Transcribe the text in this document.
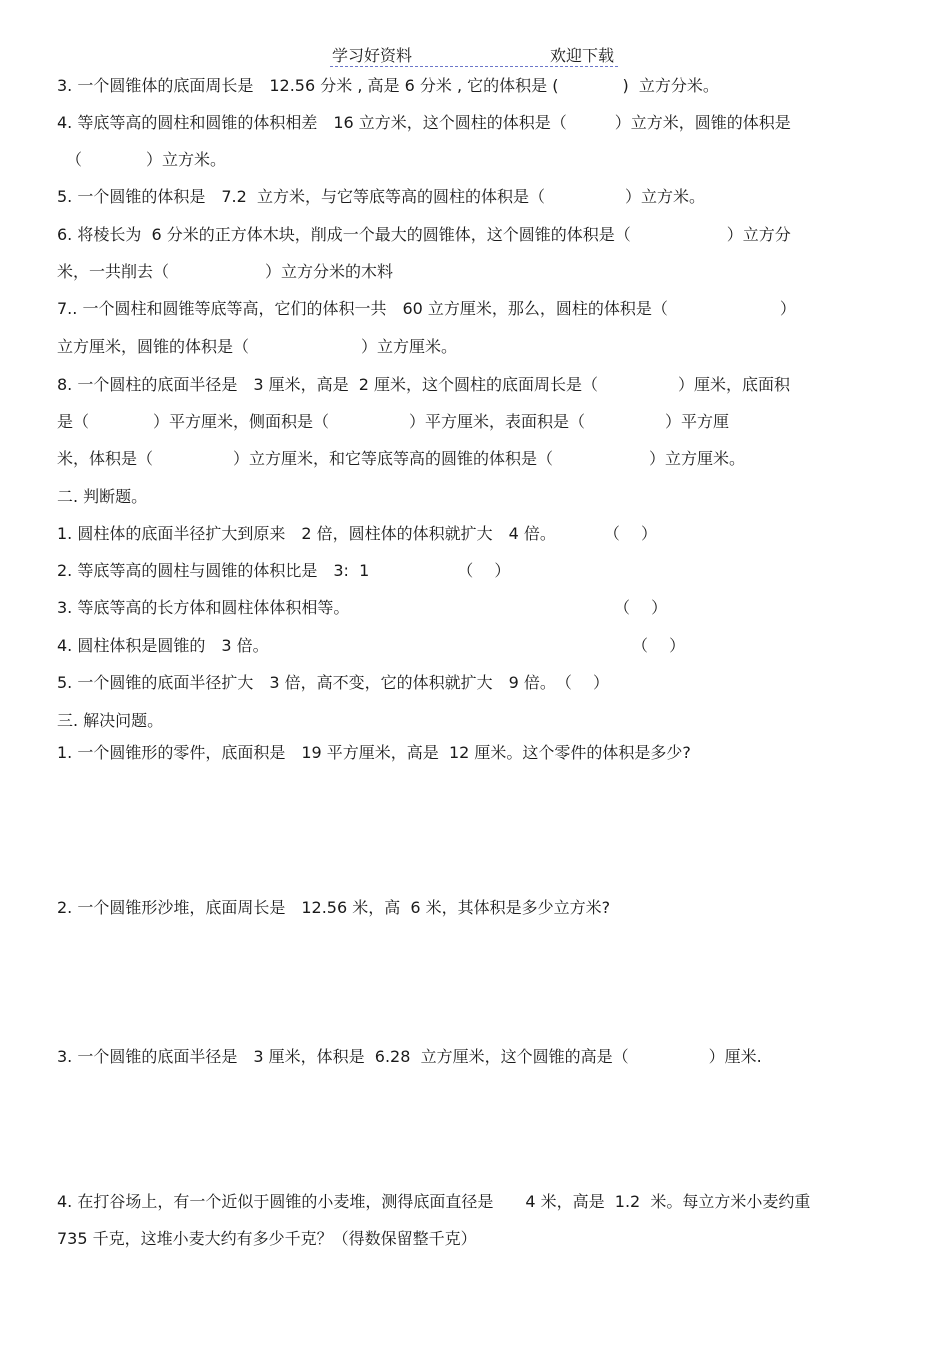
学习好资料	欢迎下载
3. 一个圆锥体的底面周长是　12.56 分米 , 高是 6 分米 , 它的体积是 (　　　　)  立方分米。
4. 等底等高的圆柱和圆锥的体积相差　16 立方米，这个圆柱的体积是（　　　）立方米，圆锥的体积是
（　　　　）立方米。
5. 一个圆锥的体积是　7.2  立方米，与它等底等高的圆柱的体积是（　　　　　）立方米。
6. 将棱长为  6 分米的正方体木块，削成一个最大的圆锥体，这个圆锥的体积是（　　　　　　）立方分
米，一共削去（　　　　　　）立方分米的木料
7.. 一个圆柱和圆锥等底等高，它们的体积一共　60 立方厘米，那么，圆柱的体积是（　　　　　　　）
立方厘米，圆锥的体积是（　　　　　　　）立方厘米。
8. 一个圆柱的底面半径是　3 厘米，高是  2 厘米，这个圆柱的底面周长是（　　　　　）厘米，底面积
是（　　　　）平方厘米，侧面积是（　　　　　）平方厘米，表面积是（　　　　　）平方厘
米，体积是（　　　　　）立方厘米，和它等底等高的圆锥的体积是（　　　　　　）立方厘米。
二. 判断题。
1. 圆柱体的底面半径扩大到原来　2 倍，圆柱体的体积就扩大　4 倍。　　　　（　 ）
2. 等底等高的圆柱与圆锥的体积比是　3:  1　　　　　　（　 ）
3. 等底等高的长方体和圆柱体体积相等。	（　 ）
4. 圆柱体积是圆锥的　3 倍。	（　 ）
5. 一个圆锥的底面半径扩大　3 倍，高不变，它的体积就扩大　9 倍。　（　 ）
三. 解决问题。
1. 一个圆锥形的零件，底面积是　19 平方厘米，高是  12 厘米。这个零件的体积是多少?
2. 一个圆锥形沙堆，底面周长是　12.56 米，高  6 米，其体积是多少立方米?
3. 一个圆锥的底面半径是　3 厘米，体积是  6.28  立方厘米，这个圆锥的高是（　　　　　）厘米.
4. 在打谷场上，有一个近似于圆锥的小麦堆，测得底面直径是　　4 米，高是  1.2  米。每立方米小麦约重
735 千克，这堆小麦大约有多少千克？（得数保留整千克）
